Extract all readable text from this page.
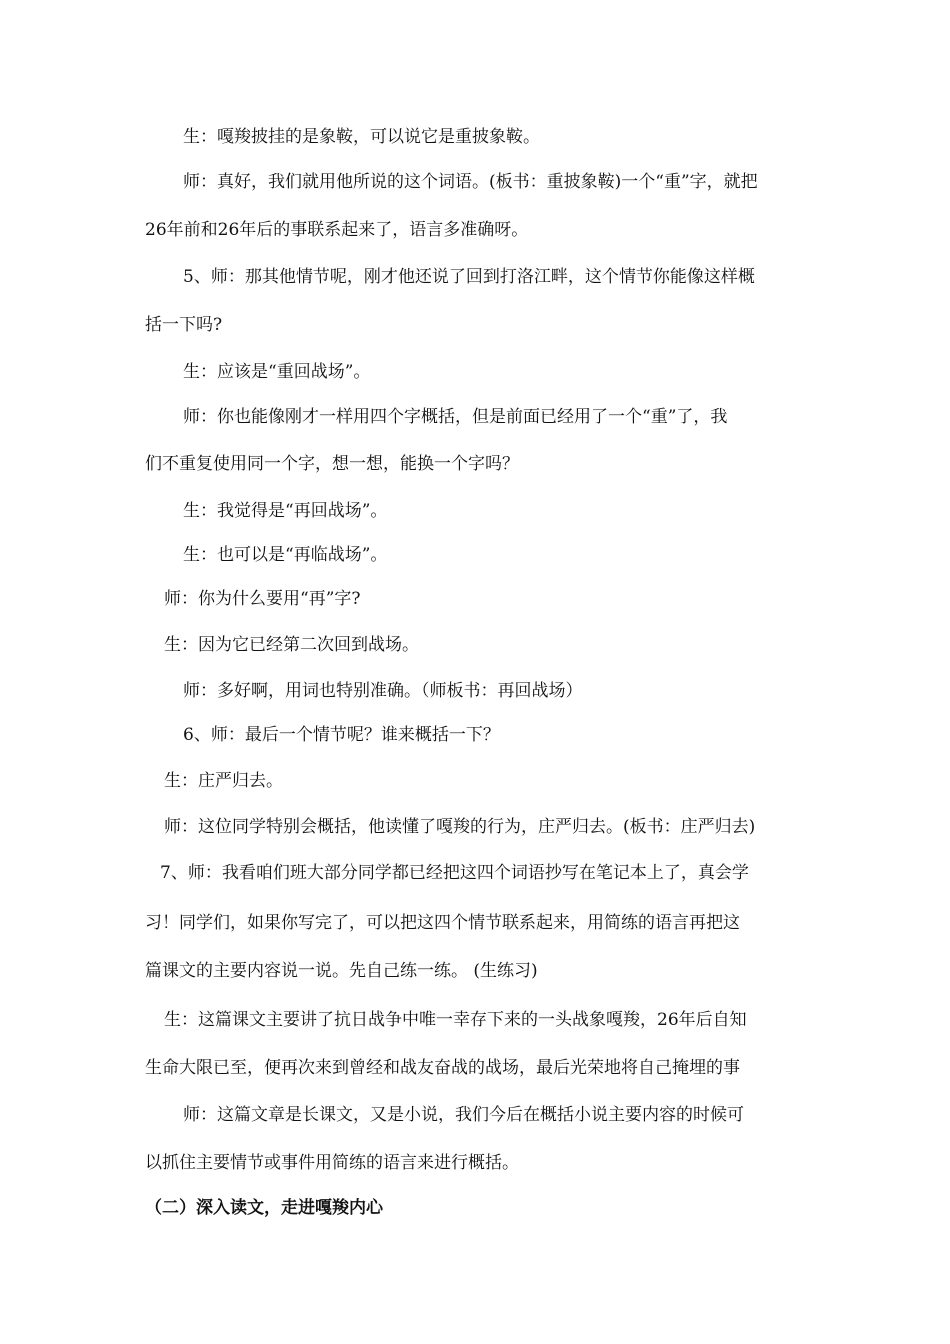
生：嘎羧披挂的是象鞍，可以说它是重披象鞍。
师：真好，我们就用他所说的这个词语。(板书：重披象鞍)一个“重”字，就把
26年前和26年后的事联系起来了，语言多准确呀。
5、师：那其他情节呢，刚才他还说了回到打洛江畔，这个情节你能像这样概
括一下吗?
生：应该是“重回战场”。
师：你也能像刚才一样用四个字概括，但是前面已经用了一个“重”了，我
们不重复使用同一个字，想一想，能换一个字吗？
生：我觉得是“再回战场”。
生：也可以是“再临战场”。
师：你为什么要用“再”字?
生：因为它已经第二次回到战场。
师：多好啊，用词也特别准确。（师板书：再回战场）
6、师：最后一个情节呢？谁来概括一下？
生：庄严归去。
师：这位同学特别会概括，他读懂了嘎羧的行为，庄严归去。(板书：庄严归去)
7、师：我看咱们班大部分同学都已经把这四个词语抄写在笔记本上了，真会学
习！同学们，如果你写完了，可以把这四个情节联系起来，用简练的语言再把这
篇课文的主要内容说一说。先自己练一练。 (生练习)
生：这篇课文主要讲了抗日战争中唯一幸存下来的一头战象嘎羧，26年后自知
生命大限已至，便再次来到曾经和战友奋战的战场，最后光荣地将自己掩埋的事
师：这篇文章是长课文，又是小说，我们今后在概括小说主要内容的时候可
以抓住主要情节或事件用简练的语言来进行概括。
（二）深入读文，走进嘎羧内心
